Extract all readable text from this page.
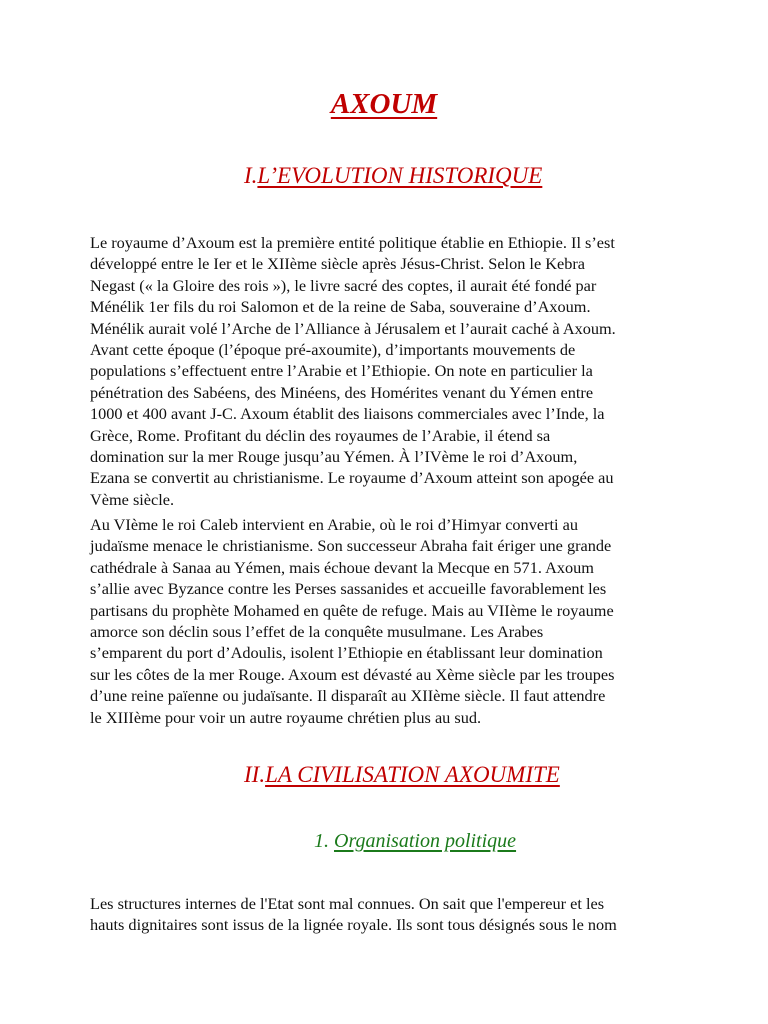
AXOUM
I.L’EVOLUTION HISTORIQUE

Le royaume d’Axoum est la première entité politique établie en Ethiopie. Il s’est
développé entre le Ier et le XIIème siècle après Jésus-Christ. Selon le Kebra
Negast (« la Gloire des rois »), le livre sacré des coptes, il aurait été fondé par
Ménélik 1er fils du roi Salomon et de la reine de Saba, souveraine d’Axoum.
Ménélik aurait volé l’Arche de l’Alliance à Jérusalem et l’aurait caché à Axoum.
Avant cette époque (l’époque pré-axoumite), d’importants mouvements de
populations s’effectuent entre l’Arabie et l’Ethiopie. On note en particulier la
pénétration des Sabéens, des Minéens, des Homérites venant du Yémen entre
1000 et 400 avant J-C. Axoum établit des liaisons commerciales avec l’Inde, la
Grèce, Rome. Profitant du déclin des royaumes de l’Arabie, il étend sa
domination sur la mer Rouge jusqu’au Yémen. À l’IVème le roi d’Axoum,
Ezana se convertit au christianisme. Le royaume d’Axoum atteint son apogée au
Vème siècle.

Au VIème le roi Caleb intervient en Arabie, où le roi d’Himyar converti au
judaïsme menace le christianisme. Son successeur Abraha fait ériger une grande
cathédrale à Sanaa au Yémen, mais échoue devant la Mecque en 571. Axoum
s’allie avec Byzance contre les Perses sassanides et accueille favorablement les
partisans du prophète Mohamed en quête de refuge. Mais au VIIème le royaume
amorce son déclin sous l’effet de la conquête musulmane. Les Arabes
s’emparent du port d’Adoulis, isolent l’Ethiopie en établissant leur domination
sur les côtes de la mer Rouge. Axoum est dévasté au Xème siècle par les troupes
d’une reine païenne ou judaïsante. Il disparaît au XIIème siècle. Il faut attendre
le XIIIème pour voir un autre royaume chrétien plus au sud.

II.LA CIVILISATION AXOUMITE
1. Organisation politique

Les structures internes de l'Etat sont mal connues. On sait que l'empereur et les
hauts dignitaires sont issus de la lignée royale. Ils sont tous désignés sous le nom
